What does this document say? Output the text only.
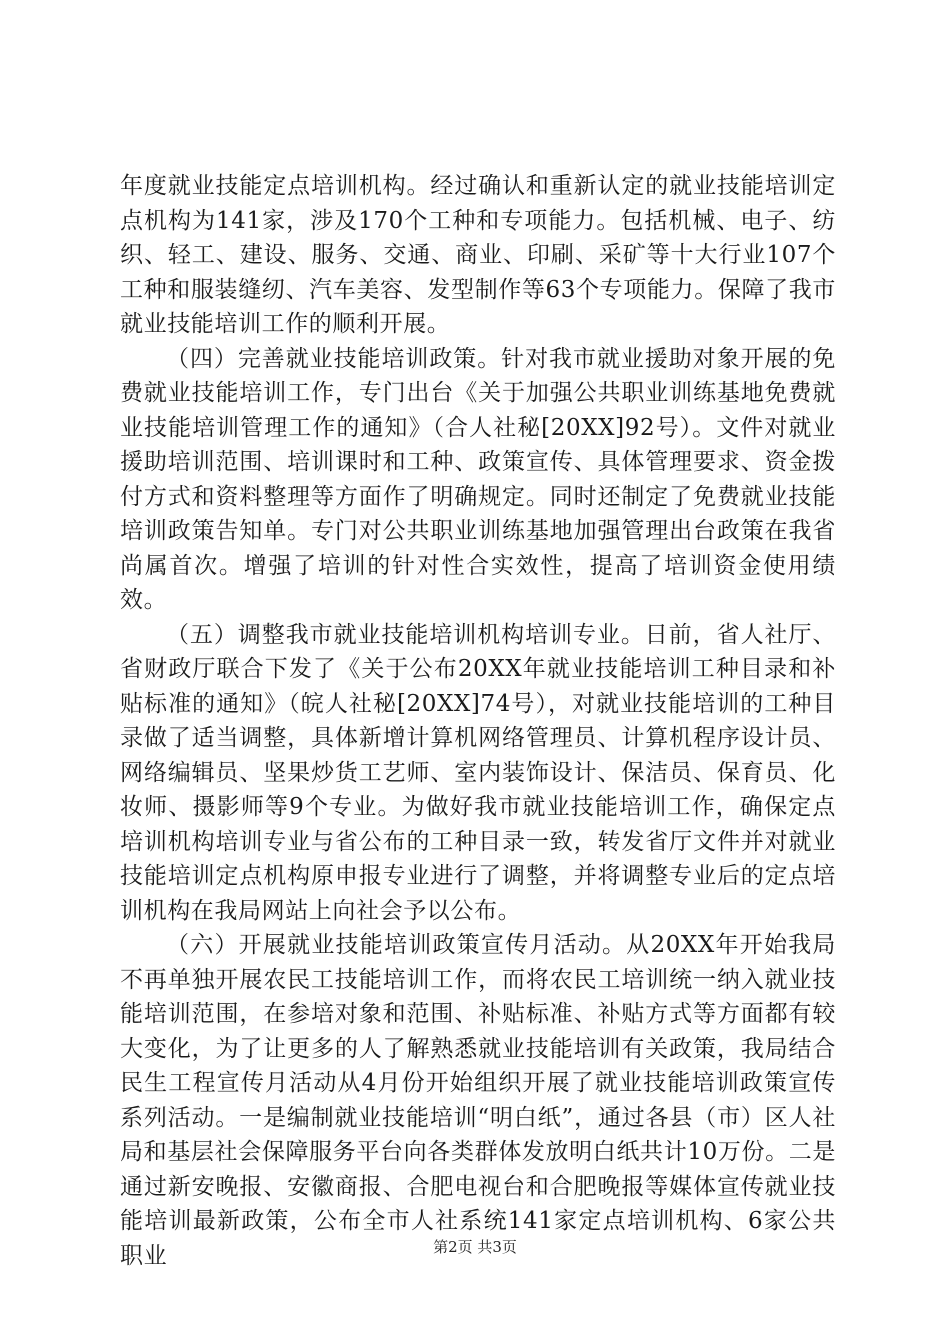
年度就业技能定点培训机构。经过确认和重新认定的就业技能培训定点机构为141家，涉及170个工种和专项能力。包括机械、电子、纺织、轻工、建设、服务、交通、商业、印刷、采矿等十大行业107个工种和服装缝纫、汽车美容、发型制作等63个专项能力。保障了我市就业技能培训工作的顺利开展。

（四）完善就业技能培训政策。针对我市就业援助对象开展的免费就业技能培训工作，专门出台《关于加强公共职业训练基地免费就业技能培训管理工作的通知》（合人社秘[20XX]92号）。文件对就业援助培训范围、培训课时和工种、政策宣传、具体管理要求、资金拨付方式和资料整理等方面作了明确规定。同时还制定了免费就业技能培训政策告知单。专门对公共职业训练基地加强管理出台政策在我省尚属首次。增强了培训的针对性合实效性，提高了培训资金使用绩效。

（五）调整我市就业技能培训机构培训专业。日前，省人社厅、省财政厅联合下发了《关于公布20XX年就业技能培训工种目录和补贴标准的通知》（皖人社秘[20XX]74号），对就业技能培训的工种目录做了适当调整，具体新增计算机网络管理员、计算机程序设计员、网络编辑员、坚果炒货工艺师、室内装饰设计、保洁员、保育员、化妆师、摄影师等9个专业。为做好我市就业技能培训工作，确保定点培训机构培训专业与省公布的工种目录一致，转发省厅文件并对就业技能培训定点机构原申报专业进行了调整，并将调整专业后的定点培训机构在我局网站上向社会予以公布。

（六）开展就业技能培训政策宣传月活动。从20XX年开始我局不再单独开展农民工技能培训工作，而将农民工培训统一纳入就业技能培训范围，在参培对象和范围、补贴标准、补贴方式等方面都有较大变化，为了让更多的人了解熟悉就业技能培训有关政策，我局结合民生工程宣传月活动从4月份开始组织开展了就业技能培训政策宣传系列活动。一是编制就业技能培训“明白纸”，通过各县（市）区人社局和基层社会保障服务平台向各类群体发放明白纸共计10万份。二是通过新安晚报、安徽商报、合肥电视台和合肥晚报等媒体宣传就业技能培训最新政策，公布全市人社系统141家定点培训机构、6家公共职业	第2页 共3页
